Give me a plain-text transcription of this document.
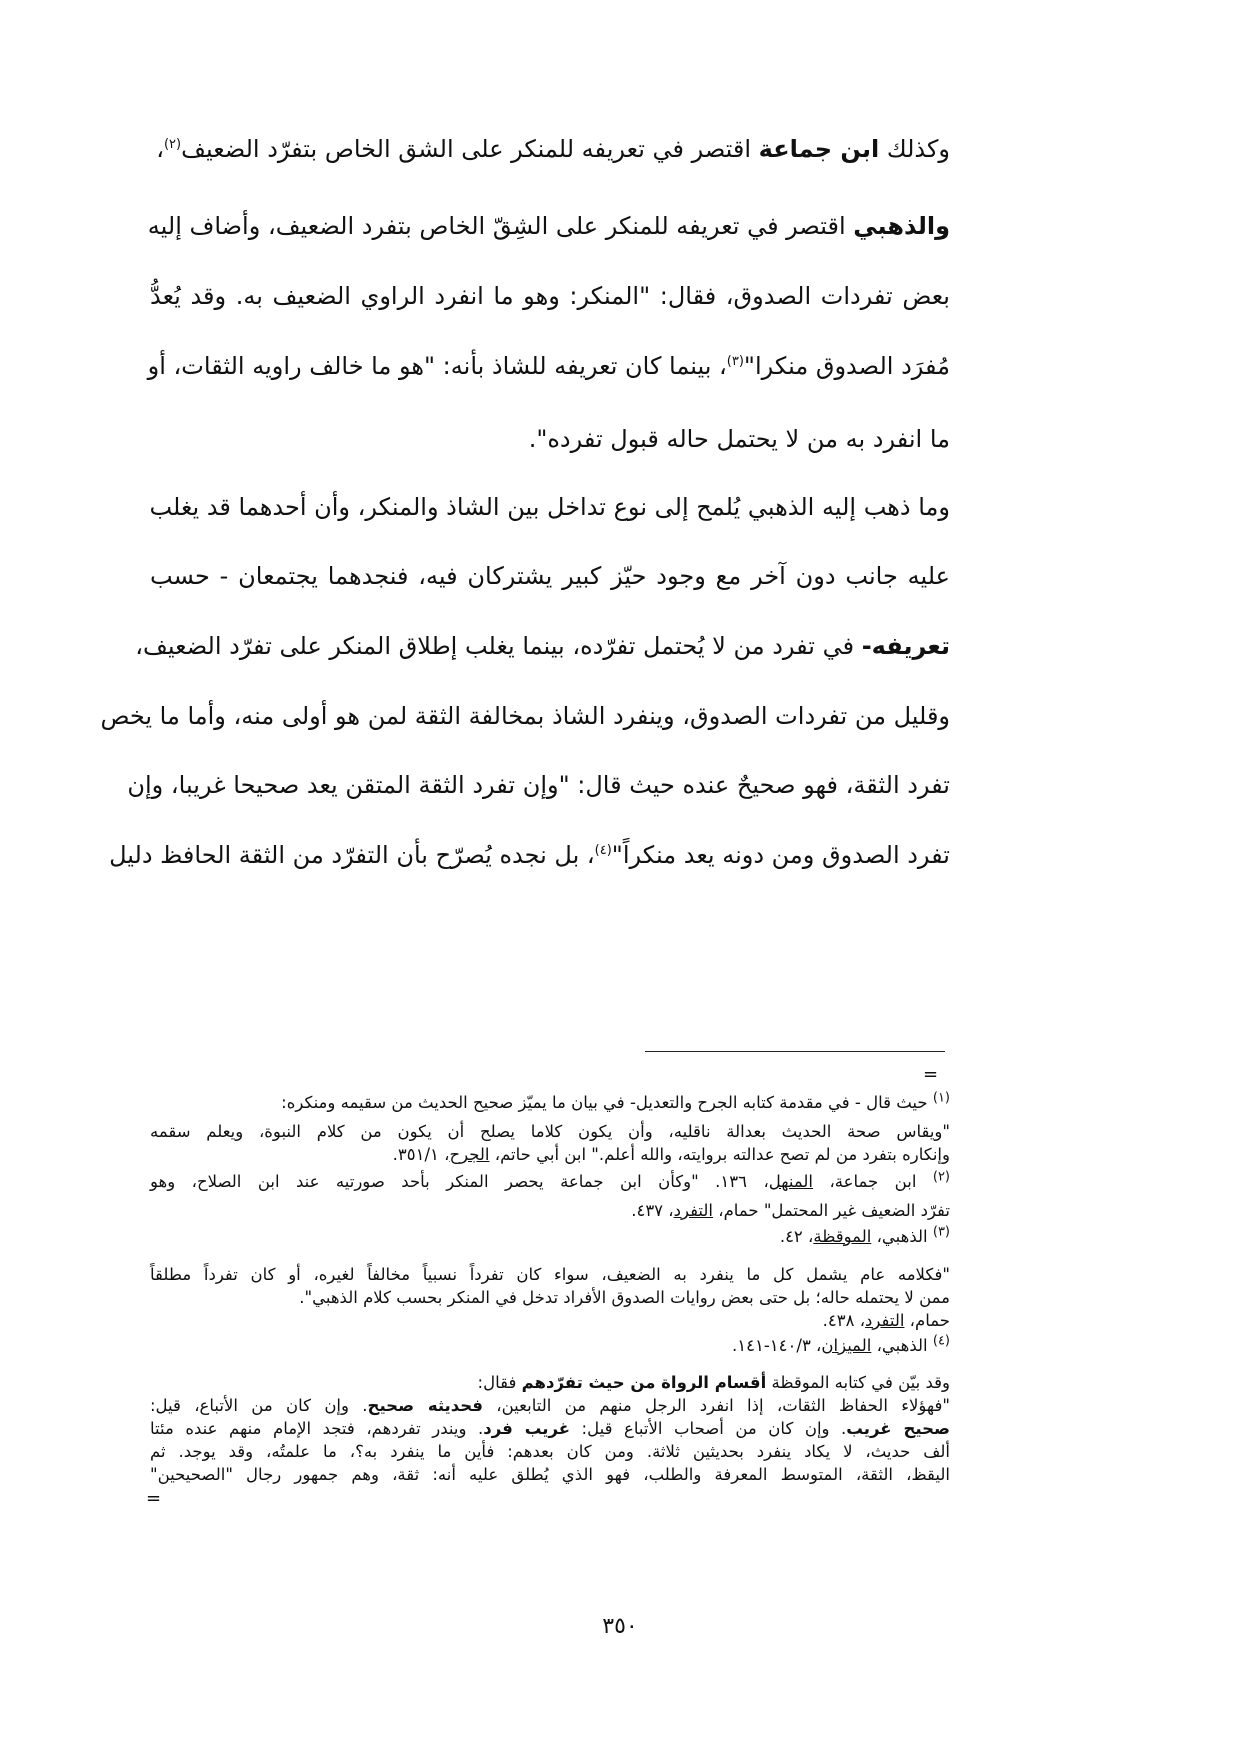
وكذلك ابن جماعة اقتصر في تعريفه للمنكر على الشق الخاص بتفرّد الضعيف$^{(٢)}$،
والذهبي اقتصر في تعريفه للمنكر على الشِقّ الخاص بتفرد الضعيف، وأضاف إليه
بعض تفردات الصدوق، فقال: "المنكر: وهو ما انفرد الراوي الضعيف به. وقد يُعدُّ
مُفرَد الصدوق منكرا"$^{(٣)}$، بينما كان تعريفه للشاذ بأنه: "هو ما خالف راويه الثقات، أو
ما انفرد به من لا يحتمل حاله قبول تفرده".
وما ذهب إليه الذهبي يُلمح إلى نوع تداخل بين الشاذ والمنكر، وأن أحدهما قد يغلب
عليه جانب دون آخر مع وجود حيّز كبير يشتركان فيه، فنجدهما يجتمعان - حسب
تعريفه- في تفرد من لا يُحتمل تفرّده، بينما يغلب إطلاق المنكر على تفرّد الضعيف،
وقليل من تفردات الصدوق، وينفرد الشاذ بمخالفة الثقة لمن هو أولى منه، وأما ما يخص
تفرد الثقة، فهو صحيحٌ عنده حيث قال: "وإن تفرد الثقة المتقن يعد صحيحا غريبا، وإن
تفرد الصدوق ومن دونه يعد منكراً"$^{(٤)}$، بل نجده يُصرّح بأن التفرّد من الثقة الحافظ دليل
=
$^{(١)}$ حيث قال - في مقدمة كتابه الجرح والتعديل- في بيان ما يميّز صحيح الحديث من سقيمه ومنكره:
"ويقاس صحة الحديث بعدالة ناقليه، وأن يكون كلاما يصلح أن يكون من كلام النبوة، ويعلم سقمه
وإنكاره بتفرد من لم تصح عدالته بروايته، والله أعلم." ابن أبي حاتم، الجرح، ٣٥١/١.
$^{(٢)}$ ابن جماعة، المنهل، ١٣٦. "وكأن ابن جماعة يحصر المنكر بأحد صورتيه عند ابن الصلاح، وهو
تفرّد الضعيف غير المحتمل" حمام، التفرد، ٤٣٧.
$^{(٣)}$ الذهبي، الموقظة، ٤٢.
"فكلامه عام يشمل كل ما ينفرد به الضعيف، سواء كان تفرداً نسبياً مخالفاً لغيره، أو كان تفرداً مطلقاً
ممن لا يحتمله حاله؛ بل حتى بعض روايات الصدوق الأفراد تدخل في المنكر بحسب كلام الذهبي".
حمام، التفرد، ٤٣٨.
$^{(٤)}$ الذهبي، الميزان، ١٤٠/٣-١٤١.
وقد بيّن في كتابه الموقظة أقسام الرواة من حيث تفرّدهم فقال:
"فهؤلاء الحفاظ الثقات، إذا انفرد الرجل منهم من التابعين، فحديثه صحيح. وإن كان من الأتباع، قيل:
صحيح غريب. وإن كان من أصحاب الأتباع قيل: غريب فرد. ويندر تفردهم، فتجد الإمام منهم عنده مئتا
ألف حديث، لا يكاد ينفرد بحديثين ثلاثة. ومن كان بعدهم: فأين ما ينفرد به؟، ما علمتُه، وقد يوجد. ثم
اليقظ، الثقة، المتوسط المعرفة والطلب، فهو الذي يُطلق عليه أنه: ثقة، وهم جمهور رجال "الصحيحين"
=
٣٥٠
